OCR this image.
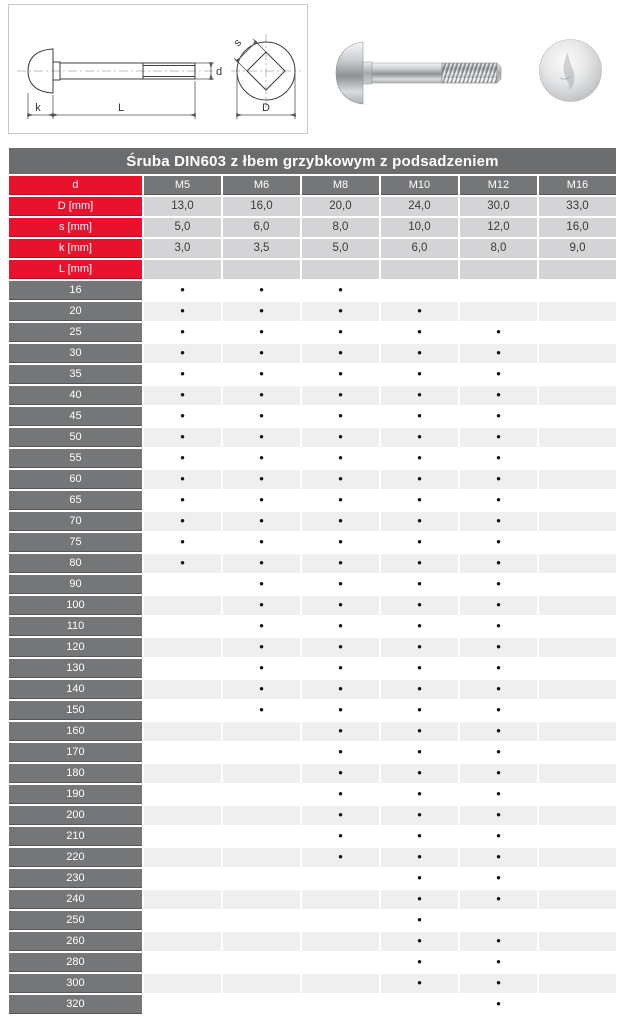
d
L
k
s
D
Śruba DIN603 z łbem grzybkowym z podsadzeniem						
d	M5	M6	M8	M10	M12	M16
D [mm]	13,0	16,0	20,0	24,0	30,0	33,0
s [mm]	5,0	6,0	8,0	10,0	12,0	16,0
k [mm]	3,0	3,5	5,0	6,0	8,0	9,0
L [mm]						
16	•	•	•			
20	•	•	•	•		
25	•	•	•	•	•	
30	•	•	•	•	•	
35	•	•	•	•	•	
40	•	•	•	•	•	
45	•	•	•	•	•	
50	•	•	•	•	•	
55	•	•	•	•	•	
60	•	•	•	•	•	
65	•	•	•	•	•	
70	•	•	•	•	•	
75	•	•	•	•	•	
80	•	•	•	•	•	
90		•	•	•	•	
100		•	•	•	•	
110		•	•	•	•	
120		•	•	•	•	
130		•	•	•	•	
140		•	•	•	•	
150		•	•	•	•	
160			•	•	•	
170			•	•	•	
180			•	•	•	
190			•	•	•	
200			•	•	•	
210			•	•	•	
220			•	•	•	
230				•	•	
240				•	•	
250				•		
260				•	•	
280				•	•	
300				•	•	
320					•	
